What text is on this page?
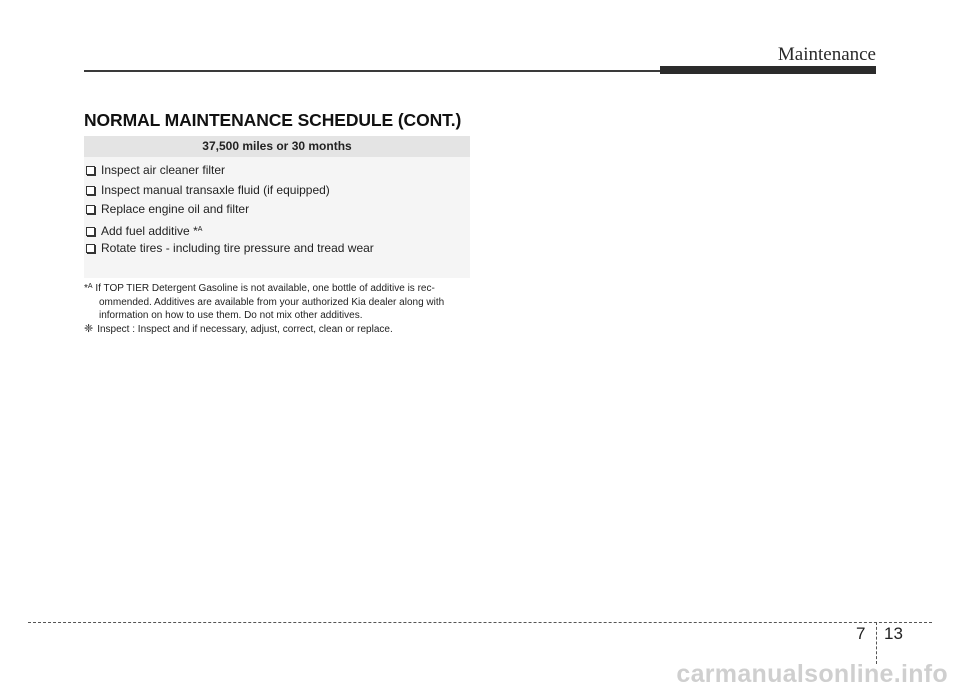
Maintenance
NORMAL MAINTENANCE SCHEDULE (CONT.)
37,500 miles or 30 months
Inspect air cleaner filter
Inspect manual transaxle fluid (if equipped)
Replace engine oil and filter
Add fuel additive *$^A$
Rotate tires - including tire pressure and tread wear
*$^A$ If TOP TIER Detergent Gasoline is not available, one bottle of additive is rec-
ommended. Additives are available from your authorized Kia dealer along with
information on how to use them. Do not mix other additives.
❈ Inspect : Inspect and if necessary, adjust, correct, clean or replace.
7 13
carmanualsonline.info
